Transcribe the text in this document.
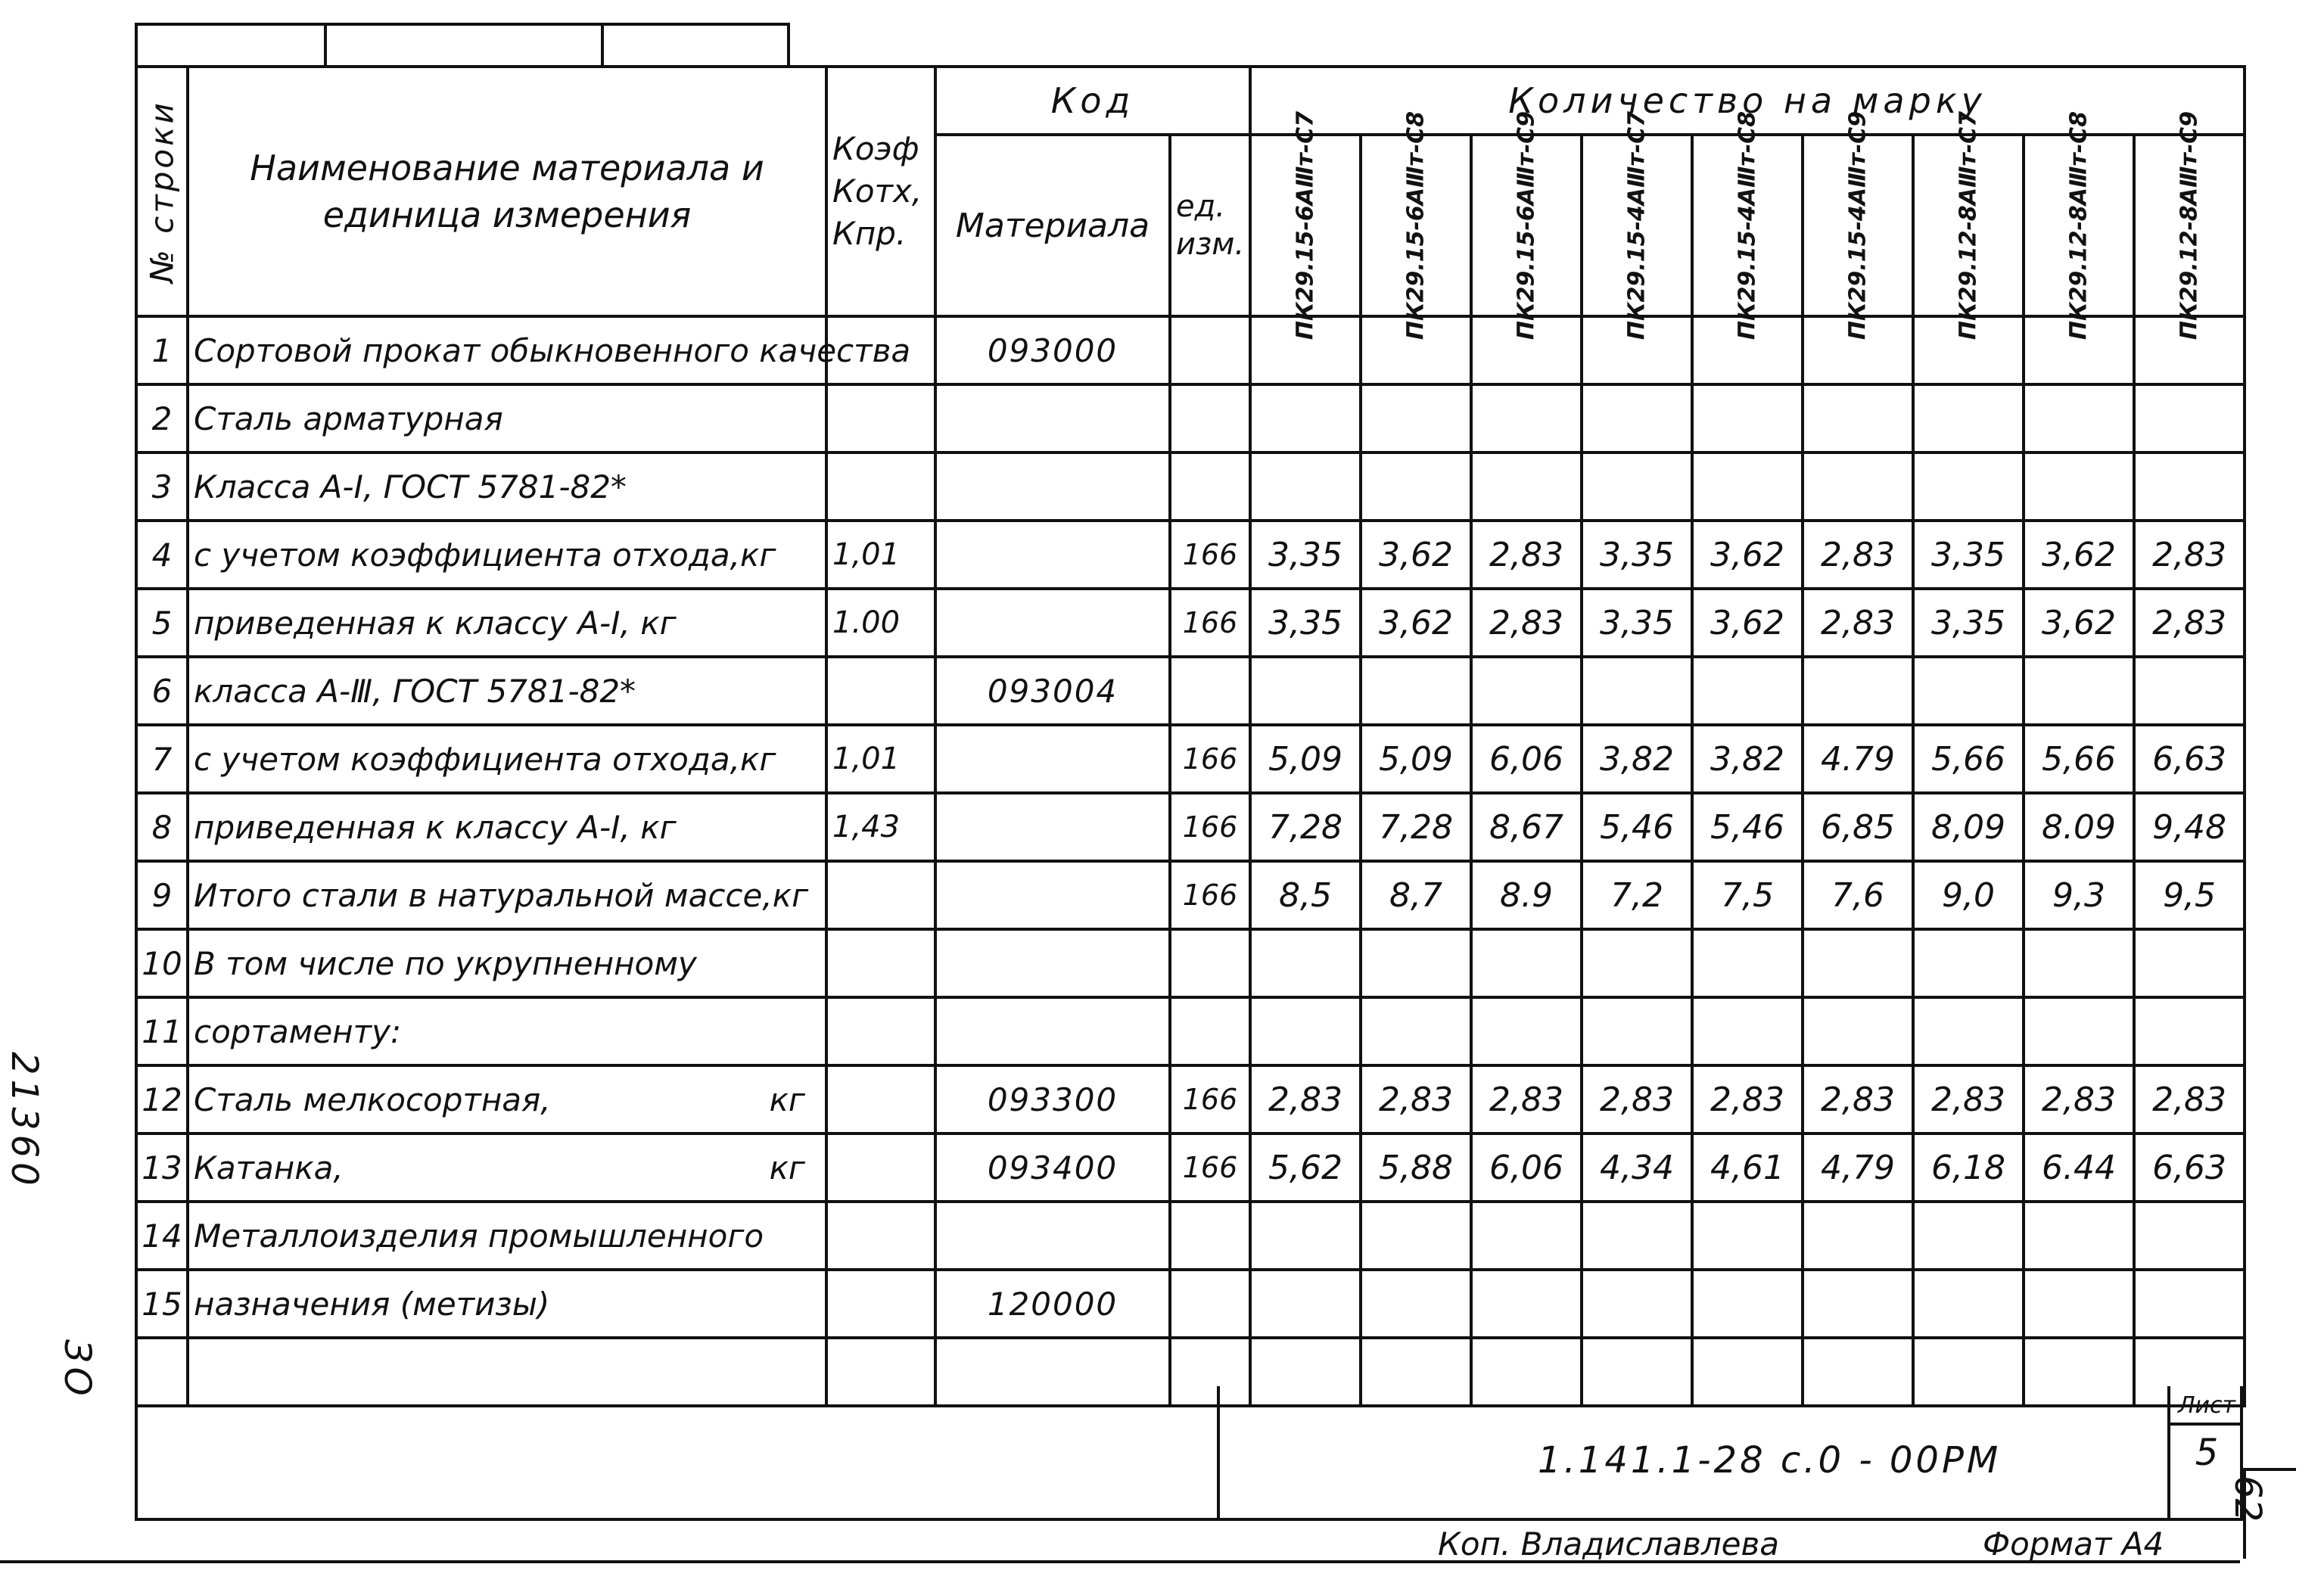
№ строки	Наименование материала и единица измерения	Коэф Котх, Кпр.	Код		Количество на марку								
			Материала	ед. изм.	ПК29.15-6АⅢт-С7	ПК29.15-6АⅢт-С8	ПК29.15-6АⅢт-С9	ПК29.15-4АⅢт-С7	ПК29.15-4АⅢт-С8	ПК29.15-4АⅢт-С9	ПК29.12-8АⅢт-С7	ПК29.12-8АⅢт-С8	ПК29.12-8АⅢт-С9

1	Сортовой прокат обыкновенного качества		093000										
2	Сталь арматурная												
3	Класса А-I, ГОСТ 5781-82*												
4	с учетом коэффициента отхода,кг	1,01		166	3,35	3,62	2,83	3,35	3,62	2,83	3,35	3,62	2,83
5	приведенная к классу А-I, кг	1.00		166	3,35	3,62	2,83	3,35	3,62	2,83	3,35	3,62	2,83
6	класса А-Ⅲ, ГОСТ 5781-82*		093004										
7	с учетом коэффициента отхода,кг	1,01		166	5,09	5,09	6,06	3,82	3,82	4.79	5,66	5,66	6,63
8	приведенная к классу А-I, кг	1,43		166	7,28	7,28	8,67	5,46	5,46	6,85	8,09	8.09	9,48
9	Итого стали в натуральной массе,кг			166	8,5	8,7	8.9	7,2	7,5	7,6	9,0	9,3	9,5
10	В том числе по укрупненному												
11	сортаменту:												
12	Сталь мелкосортная, кг		093300	166	2,83	2,83	2,83	2,83	2,83	2,83	2,83	2,83	2,83
13	Катанка, кг		093400	166	5,62	5,88	6,06	4,34	4,61	4,79	6,18	6.44	6,63
14	Металлоизделия промышленного												
15	назначения (метизы)		120000										

1.141.1-28 с.0 - 00РМ
Лист
5
Коп. Владиславлева	Формат А4
62
21360
ЗО
